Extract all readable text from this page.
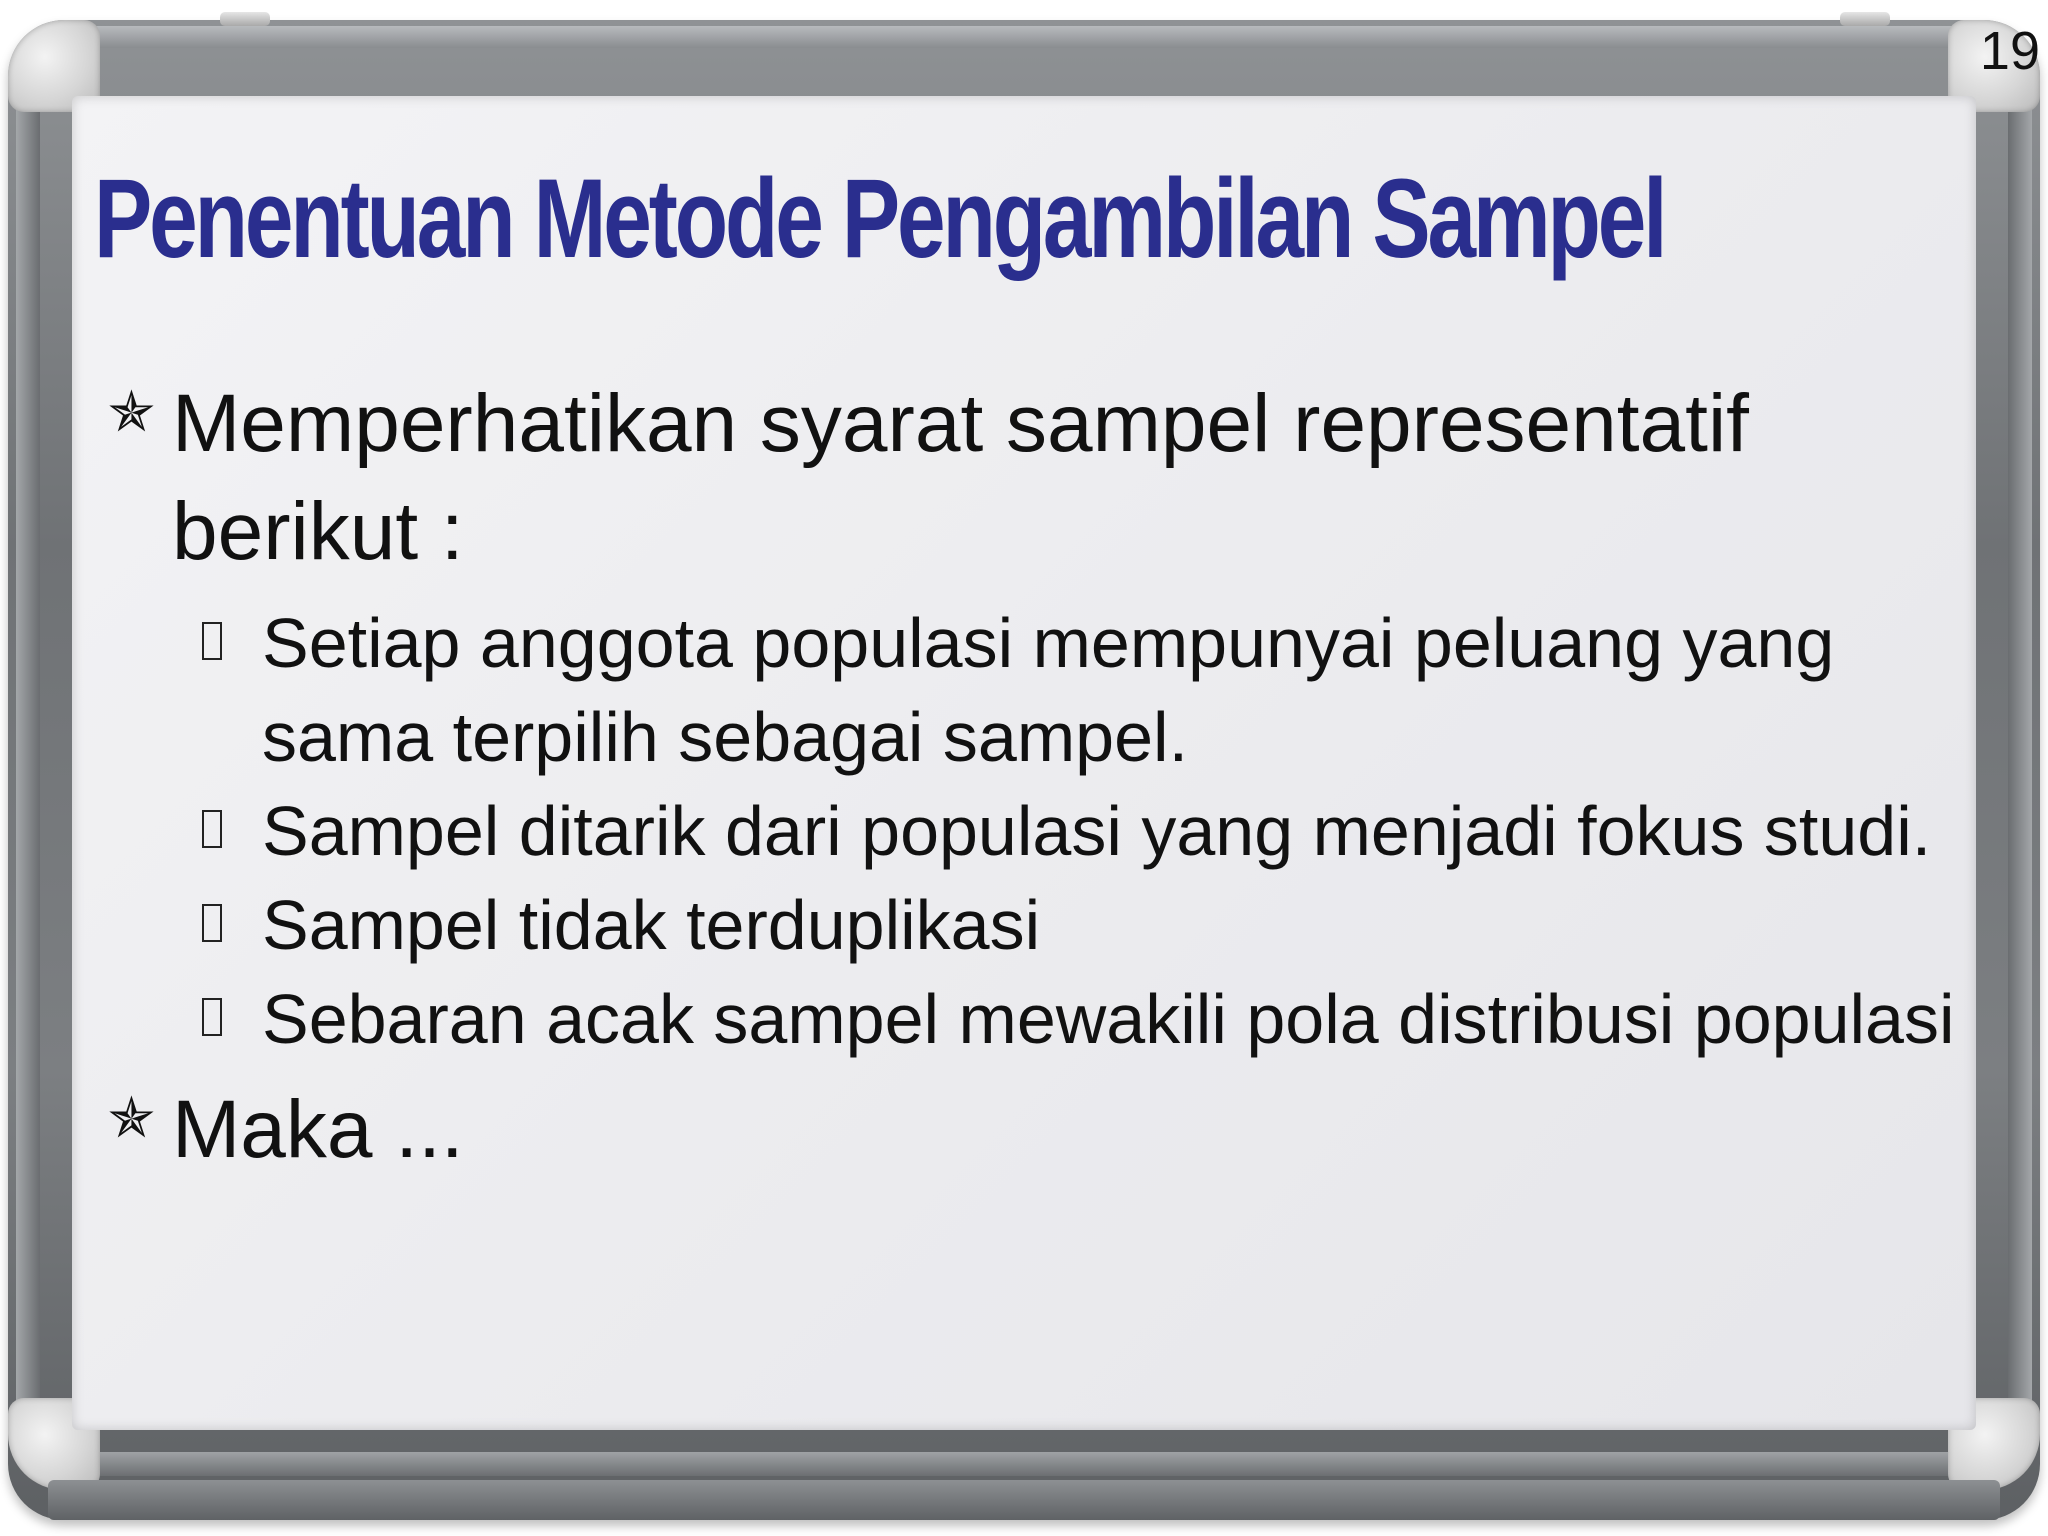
19
Penentuan Metode Pengambilan Sampel
✯ Memperhatikan syarat sampel representatif berikut :
Setiap anggota populasi mempunyai peluang yang sama terpilih sebagai sampel.
Sampel ditarik dari populasi yang menjadi fokus studi.
Sampel tidak terduplikasi
Sebaran acak sampel mewakili pola distribusi populasi
✯ Maka ...
